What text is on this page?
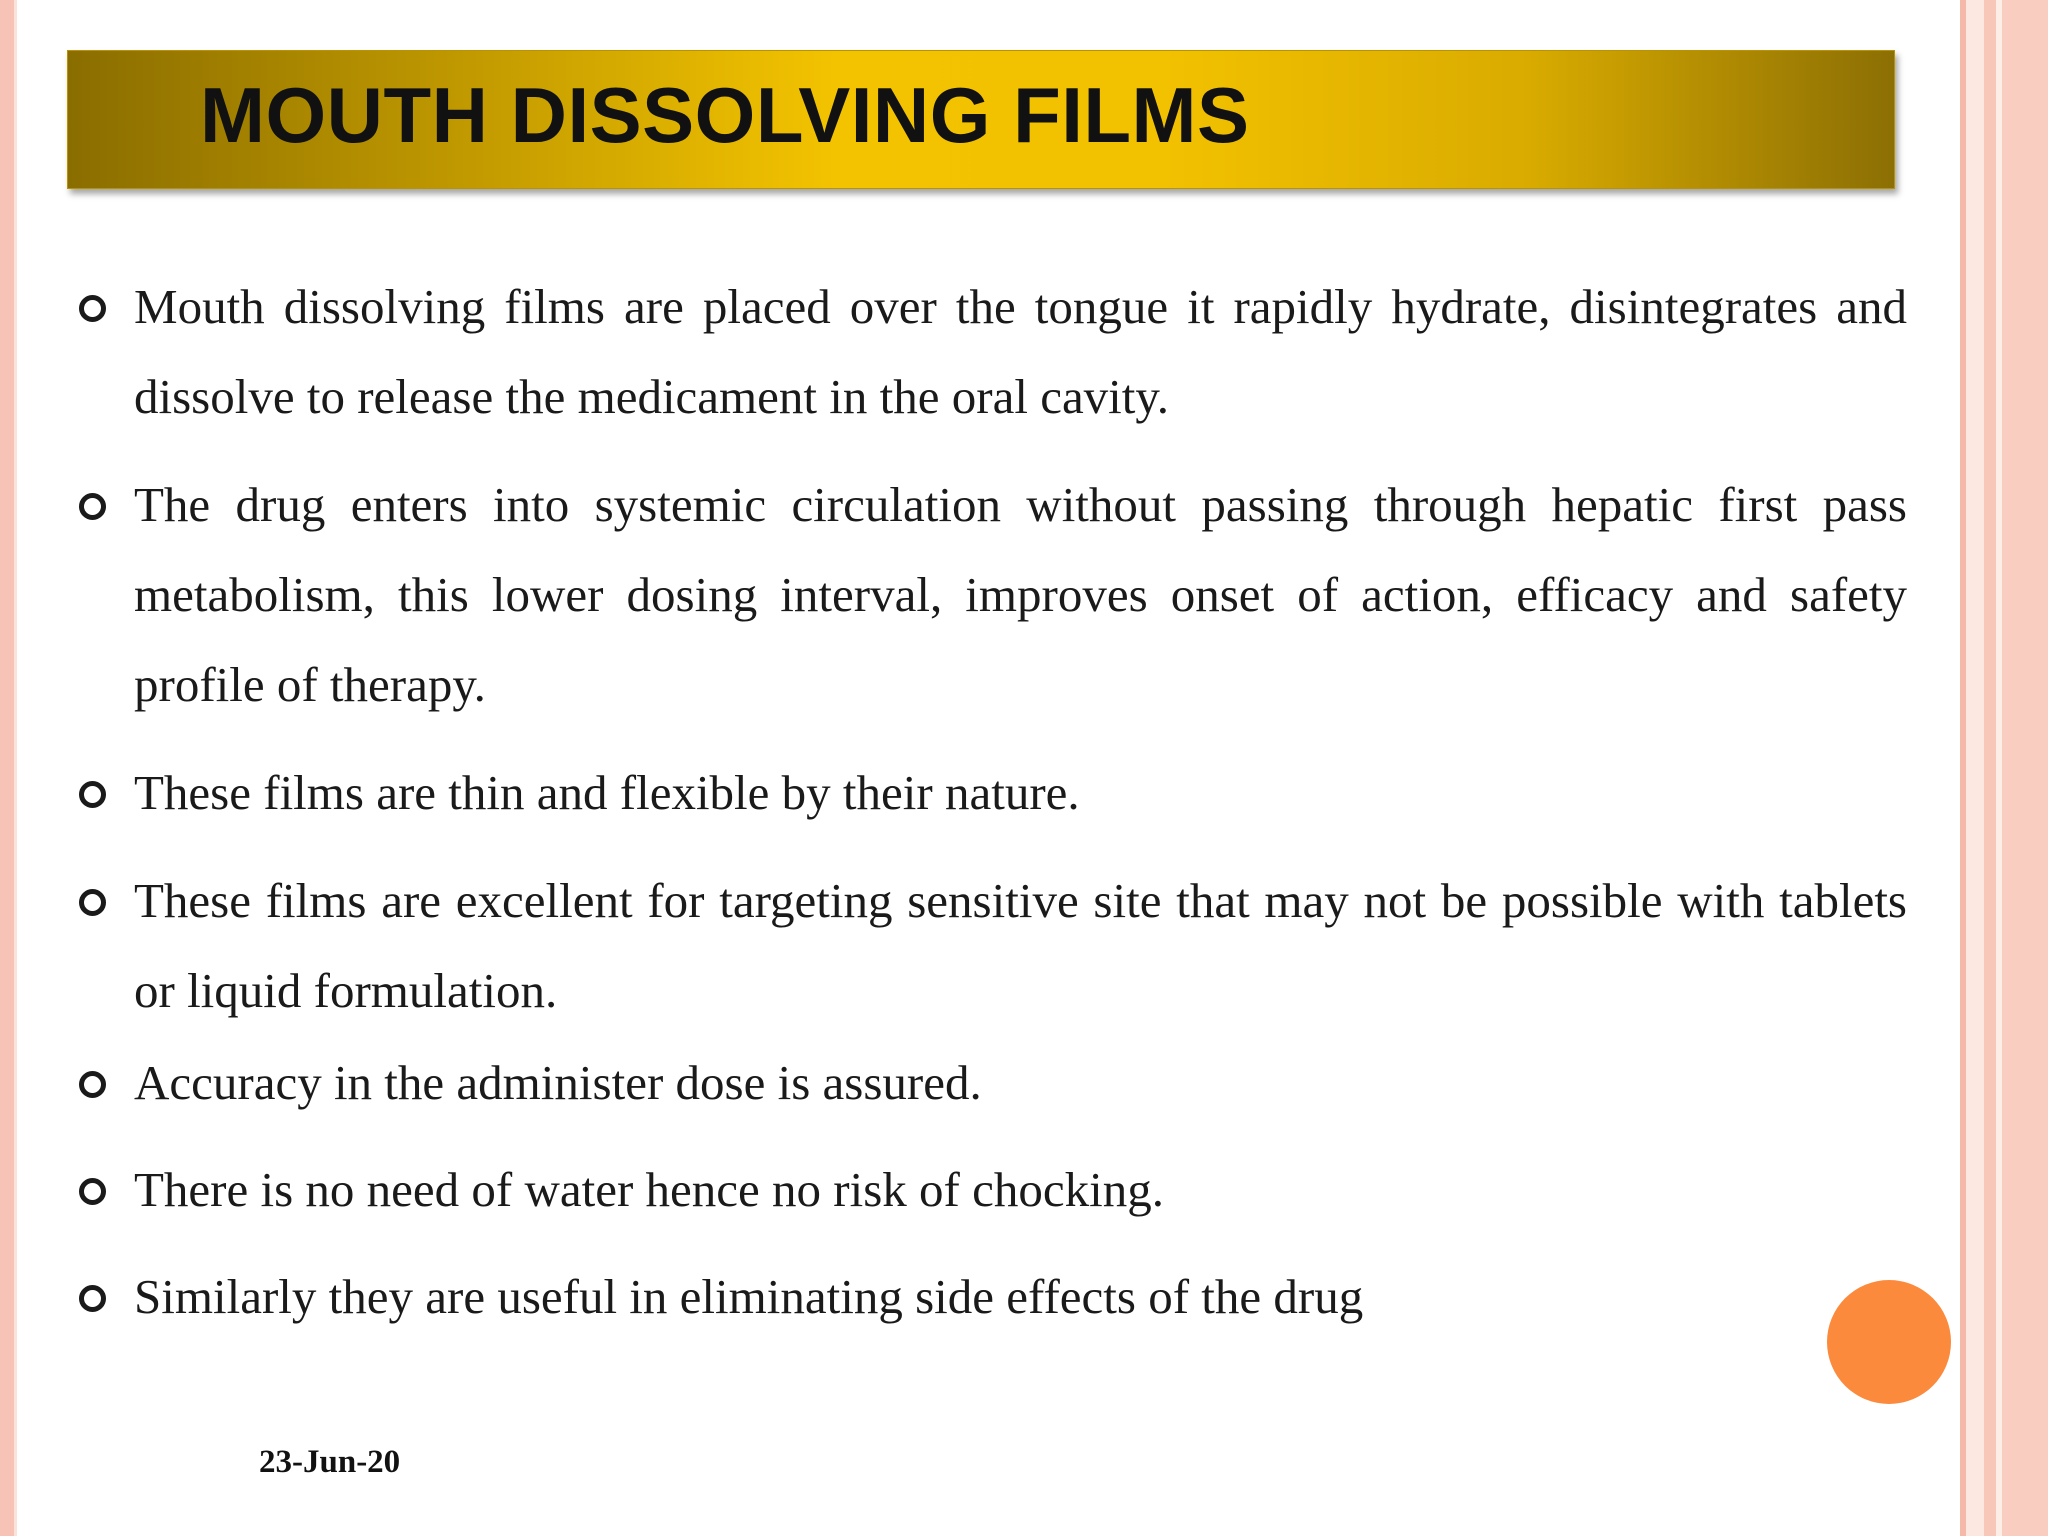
MOUTH DISSOLVING FILMS
Mouth dissolving films are placed over the tongue it rapidly hydrate, disintegrates and dissolve to release the medicament in the oral cavity.
The drug enters into systemic circulation without passing through hepatic first pass metabolism, this lower dosing interval, improves onset of action, efficacy and safety profile of therapy.
These films are thin and flexible by their nature.
These films are excellent for targeting sensitive site that may not be possible with tablets or liquid formulation.
Accuracy in the administer dose is assured.
There is no need of water hence no risk of chocking.
Similarly they are useful in eliminating side effects of the drug
23-Jun-20
